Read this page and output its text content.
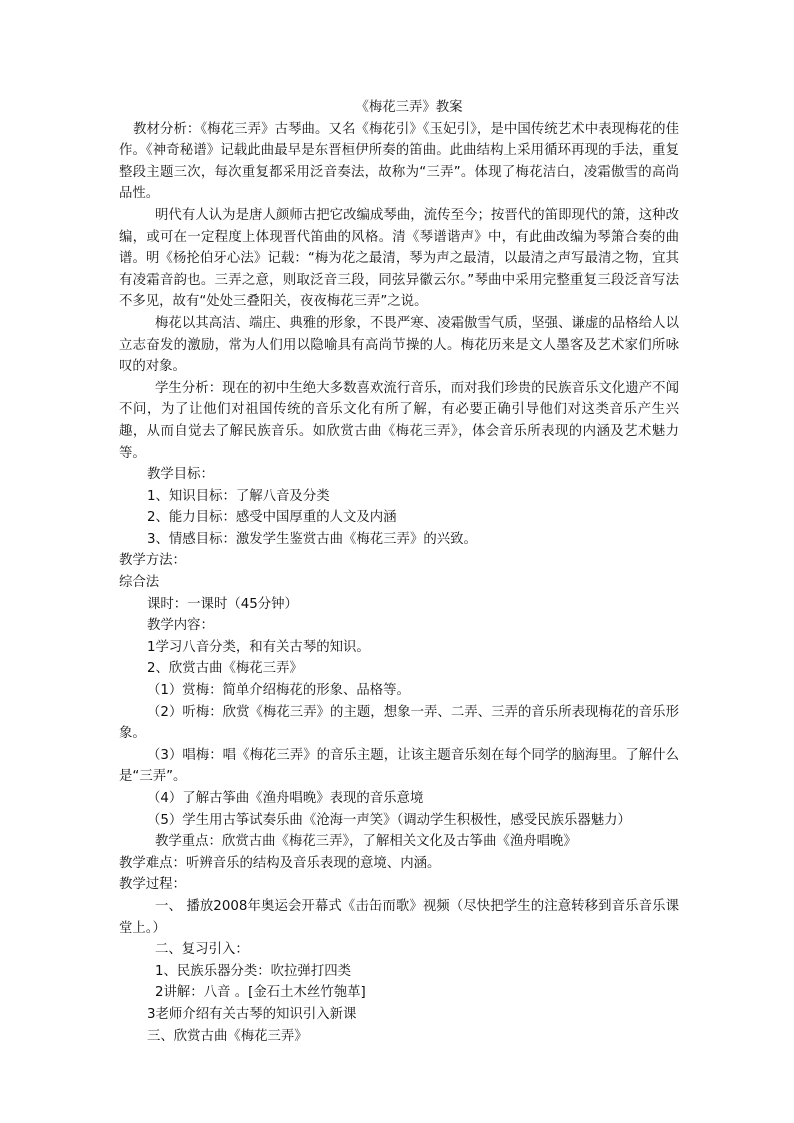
《梅花三弄》教案

教材分析：《梅花三弄》古琴曲。又名《梅花引》《玉妃引》，是中国传统艺术中表现梅花的佳作。《神奇秘谱》记载此曲最早是东晋桓伊所奏的笛曲。此曲结构上采用循环再现的手法，重复整段主题三次，每次重复都采用泛音奏法，故称为“三弄”。体现了梅花洁白，凌霜傲雪的高尚品性。

明代有人认为是唐人颜师古把它改编成琴曲，流传至今；按晋代的笛即现代的箫，这种改编，或可在一定程度上体现晋代笛曲的风格。清《琴谱谐声》中，有此曲改编为琴箫合奏的曲谱。明《杨抡伯牙心法》记载：“梅为花之最清，琴为声之最清，以最清之声写最清之物，宜其有凌霜音韵也。三弄之意，则取泛音三段，同弦异徽云尔。”琴曲中采用完整重复三段泛音写法不多见，故有“处处三叠阳关，夜夜梅花三弄”之说。

梅花以其高洁、端庄、典雅的形象，不畏严寒、凌霜傲雪气质，坚强、谦虚的品格给人以立志奋发的激励，常为人们用以隐喻具有高尚节操的人。梅花历来是文人墨客及艺术家们所咏叹的对象。

学生分析：现在的初中生绝大多数喜欢流行音乐，而对我们珍贵的民族音乐文化遗产不闻不问，为了让他们对祖国传统的音乐文化有所了解，有必要正确引导他们对这类音乐产生兴趣，从而自觉去了解民族音乐。如欣赏古曲《梅花三弄》，体会音乐所表现的内涵及艺术魅力等。

教学目标：

1、知识目标：了解八音及分类

2、能力目标：感受中国厚重的人文及内涵

3、情感目标：激发学生鉴赏古曲《梅花三弄》的兴致。

教学方法：

综合法

课时：一课时（45分钟）

教学内容：

1学习八音分类，和有关古琴的知识。

2、欣赏古曲《梅花三弄》

（1）赏梅：简单介绍梅花的形象、品格等。

（2）听梅：欣赏《梅花三弄》的主题，想象一弄、二弄、三弄的音乐所表现梅花的音乐形象。

（3）唱梅：唱《梅花三弄》的音乐主题，让该主题音乐刻在每个同学的脑海里。了解什么是“三弄”。

（4）了解古筝曲《渔舟唱晚》表现的音乐意境

（5）学生用古筝试奏乐曲《沧海一声笑》（调动学生积极性，感受民族乐器魅力）

教学重点：欣赏古曲《梅花三弄》，了解相关文化及古筝曲《渔舟唱晚》

教学难点：听辨音乐的结构及音乐表现的意境、内涵。

教学过程：

一、 播放2008年奥运会开幕式《击缶而歌》视频（尽快把学生的注意转移到音乐音乐课堂上。）

二、复习引入：

1、民族乐器分类：吹拉弹打四类

2讲解：八音 。[金石土木丝竹匏革]

3老师介绍有关古琴的知识引入新课

三、欣赏古曲《梅花三弄》
